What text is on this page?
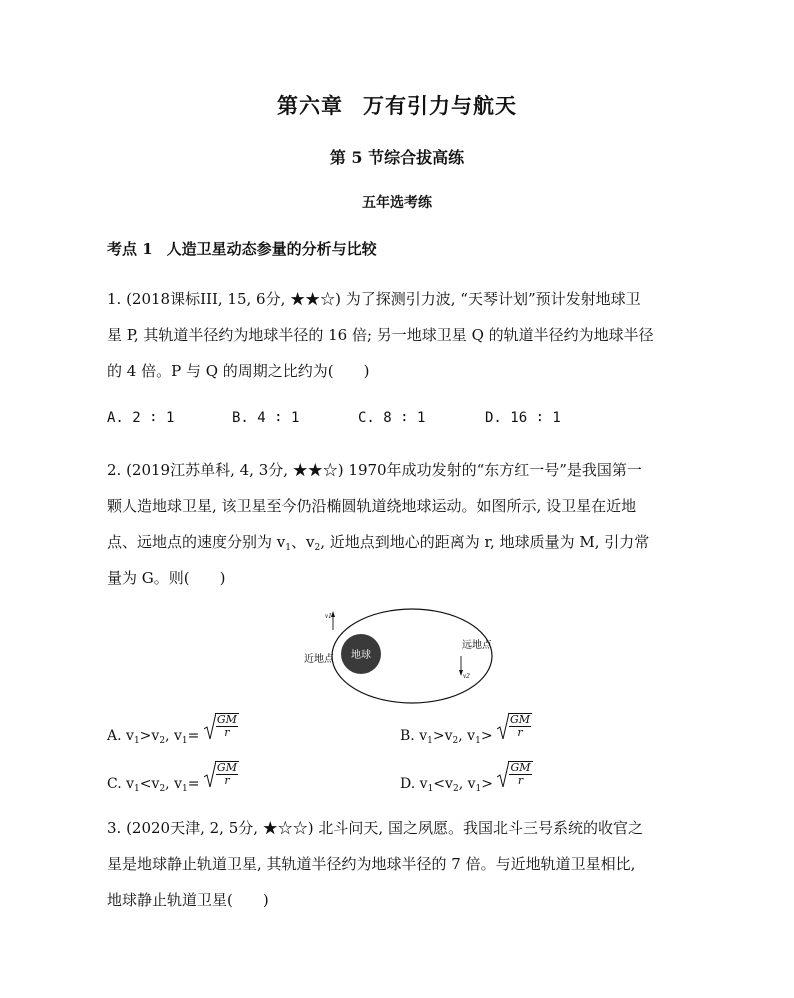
第六章 万有引力与航天
第 5 节综合拔高练
五年选考练
考点 1 人造卫星动态参量的分析与比较
1. (2018课标III, 15, 6分, ★★☆) 为了探测引力波, “天琴计划”预计发射地球卫
星 P, 其轨道半径约为地球半径的 16 倍; 另一地球卫星 Q 的轨道半径约为地球半径
的 4 倍。P 与 Q 的周期之比约为( )
A. 2 ∶ 1	B. 4 ∶ 1	C. 8 ∶ 1	D. 16 ∶ 1
2. (2019江苏单科, 4, 3分, ★★☆) 1970年成功发射的“东方红一号”是我国第一
颗人造地球卫星, 该卫星至今仍沿椭圆轨道绕地球运动。如图所示, 设卫星在近地
点、远地点的速度分别为 $v_1$、$v_2$, 近地点到地心的距离为 r, 地球质量为 M, 引力常
量为 G。则( )
地球
v1
近地点
远地点
v2
A. $v_1>v_2$, $v_1= \frac{GM}{r}$	B. $v_1>v_2$, $v_1> \frac{GM}{r}$
C. $v_1<v_2$, $v_1= \frac{GM}{r}$	D. $v_1<v_2$, $v_1> \frac{GM}{r}$
3. (2020天津, 2, 5分, ★☆☆) 北斗问天, 国之夙愿。我国北斗三号系统的收官之
星是地球静止轨道卫星, 其轨道半径约为地球半径的 7 倍。与近地轨道卫星相比,
地球静止轨道卫星( )
